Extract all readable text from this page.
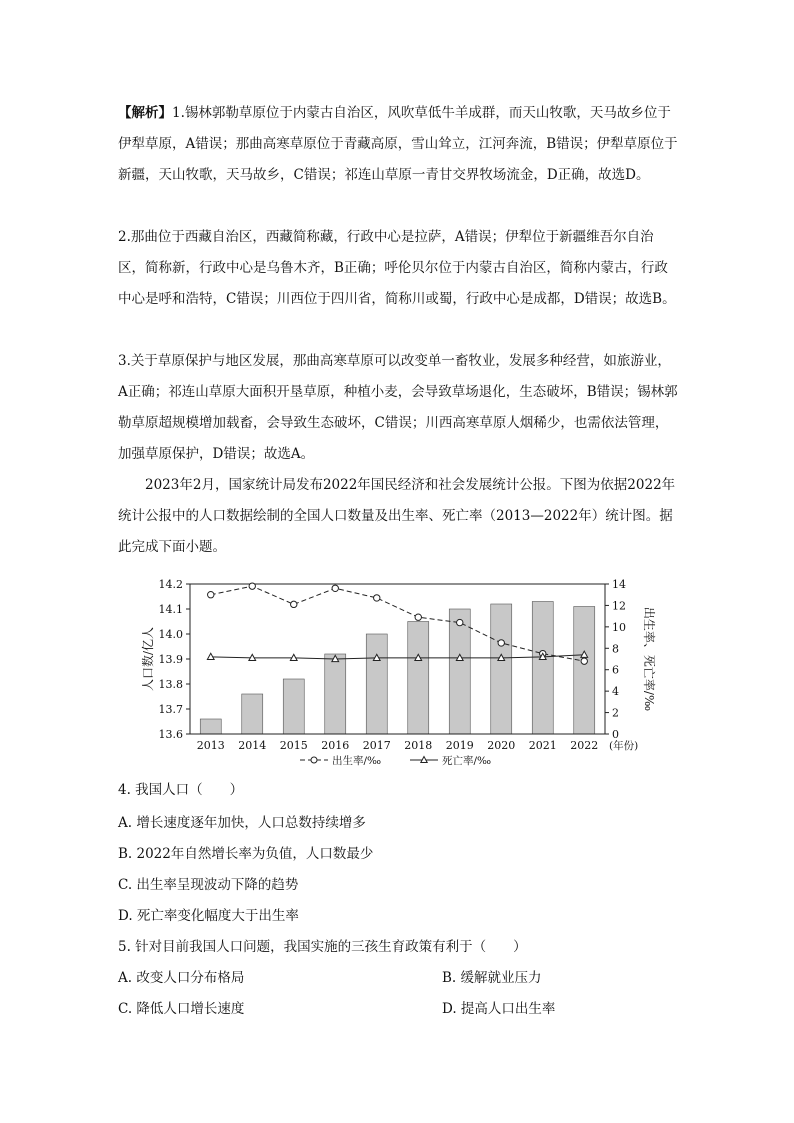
【解析】1.锡林郭勒草原位于内蒙古自治区，风吹草低牛羊成群，而天山牧歌，天马故乡位于伊犁草原，A错误；那曲高寒草原位于青藏高原，雪山耸立，江河奔流，B错误；伊犁草原位于新疆，天山牧歌，天马故乡，C错误；祁连山草原一青甘交界牧场流金，D正确，故选D。
2.那曲位于西藏自治区，西藏简称藏，行政中心是拉萨，A错误；伊犁位于新疆维吾尔自治区，简称新，行政中心是乌鲁木齐，B正确；呼伦贝尔位于内蒙古自治区，简称内蒙古，行政中心是呼和浩特，C错误；川西位于四川省，简称川或蜀，行政中心是成都，D错误；故选B。
3.关于草原保护与地区发展，那曲高寒草原可以改变单一畜牧业，发展多种经营，如旅游业，A正确；祁连山草原大面积开垦草原，种植小麦，会导致草场退化，生态破坏，B错误；锡林郭勒草原超规模增加载畜，会导致生态破坏，C错误；川西高寒草原人烟稀少，也需依法管理，加强草原保护，D错误；故选A。
2023年2月，国家统计局发布2022年国民经济和社会发展统计公报。下图为依据2022年统计公报中的人口数据绘制的全国人口数量及出生率、死亡率（2013—2022年）统计图。据此完成下面小题。
13.6
13.7
13.8
13.9
14.0
14.1
14.2
0
2
4
6
8
10
12
14
2013 2014 2015 2016 2017 2018 2019 2020 2021 2022 (年份)
人口数/亿人	出生率、死亡率/‰
出生率/‰	死亡率/‰
4. 我国人口（　　）
A. 增长速度逐年加快，人口总数持续增多
B. 2022年自然增长率为负值，人口数最少
C. 出生率呈现波动下降的趋势
D. 死亡率变化幅度大于出生率
5. 针对目前我国人口问题，我国实施的三孩生育政策有利于（　　）
A. 改变人口分布格局	B. 缓解就业压力
C. 降低人口增长速度	D. 提高人口出生率
